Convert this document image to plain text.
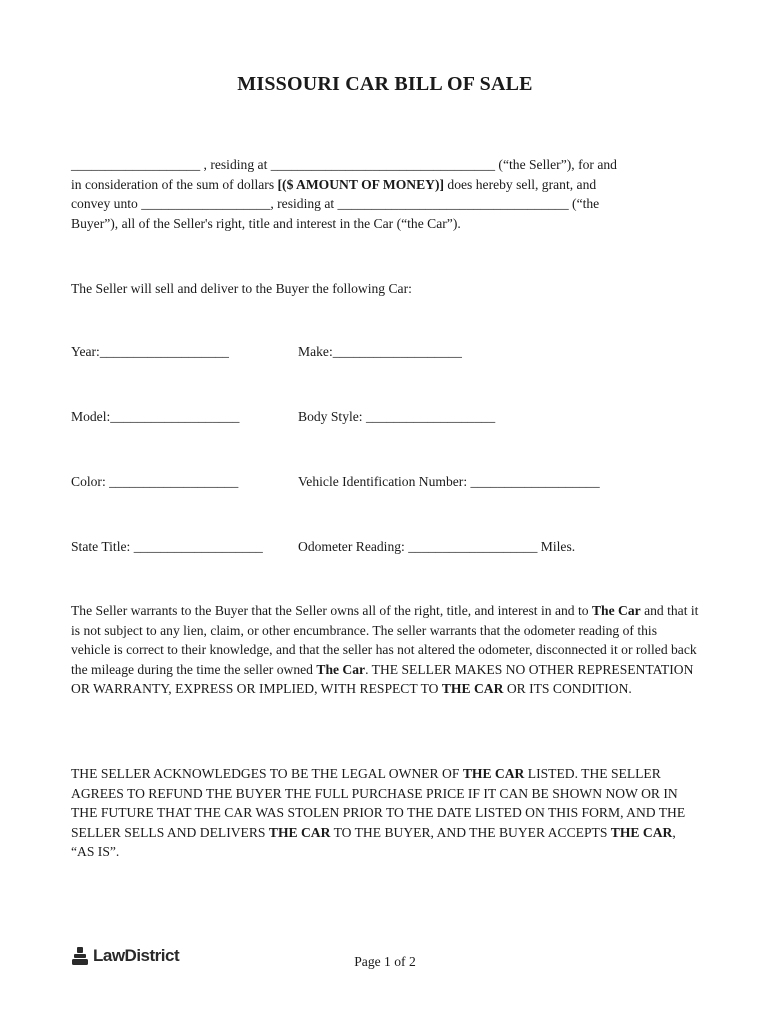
MISSOURI CAR BILL OF SALE
___________________ , residing at _________________________________ (“the Seller”), for and
in consideration of the sum of dollars [($ AMOUNT OF MONEY)] does hereby sell, grant, and
convey unto ___________________, residing at __________________________________ (“the
Buyer”), all of the Seller's right, title and interest in the Car (“the Car”).
The Seller will sell and deliver to the Buyer the following Car:
Year:___________________	Make:___________________
Model:___________________	Body Style: ___________________
Color: ___________________	Vehicle Identification Number: ___________________
State Title: ___________________	Odometer Reading: ___________________ Miles.
The Seller warrants to the Buyer that the Seller owns all of the right, title, and interest in and to The Car and that it is not subject to any lien, claim, or other encumbrance. The seller warrants that the odometer reading of this vehicle is correct to their knowledge, and that the seller has not altered the odometer, disconnected it or rolled back the mileage during the time the seller owned The Car. THE SELLER MAKES NO OTHER REPRESENTATION OR WARRANTY, EXPRESS OR IMPLIED, WITH RESPECT TO THE CAR OR ITS CONDITION.
THE SELLER ACKNOWLEDGES TO BE THE LEGAL OWNER OF THE CAR LISTED. THE SELLER AGREES TO REFUND THE BUYER THE FULL PURCHASE PRICE IF IT CAN BE SHOWN NOW OR IN THE FUTURE THAT THE CAR WAS STOLEN PRIOR TO THE DATE LISTED ON THIS FORM, AND THE SELLER SELLS AND DELIVERS THE CAR TO THE BUYER, AND THE BUYER ACCEPTS THE CAR, “AS IS”.
LawDistrict	Page 1 of 2
